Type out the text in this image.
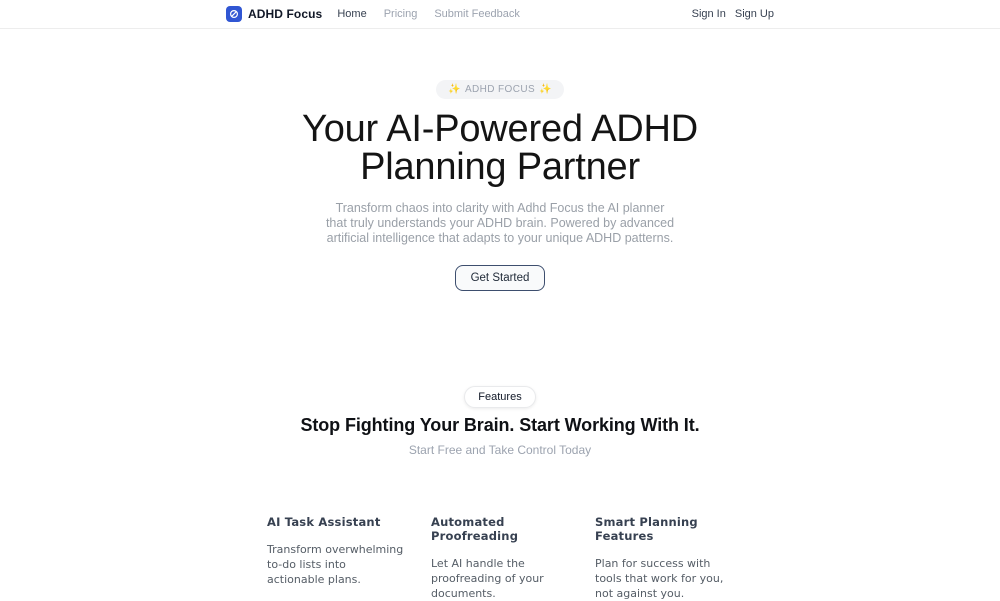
ADHD Focus Home Pricing Submit Feedback	Sign In Sign Up
✨ ADHD FOCUS ✨
Your AI-Powered ADHD
Planning Partner

Transform chaos into clarity with Adhd Focus the AI planner that truly understands your ADHD brain. Powered by advanced artificial intelligence that adapts to your unique ADHD patterns.

Get Started
Features
Stop Fighting Your Brain. Start Working With It.
Start Free and Take Control Today
AI Task Assistant
Transform overwhelming to-do lists into actionable plans.
Automated Proofreading
Let AI handle the proofreading of your documents.
Smart Planning Features
Plan for success with tools that work for you, not against you.
